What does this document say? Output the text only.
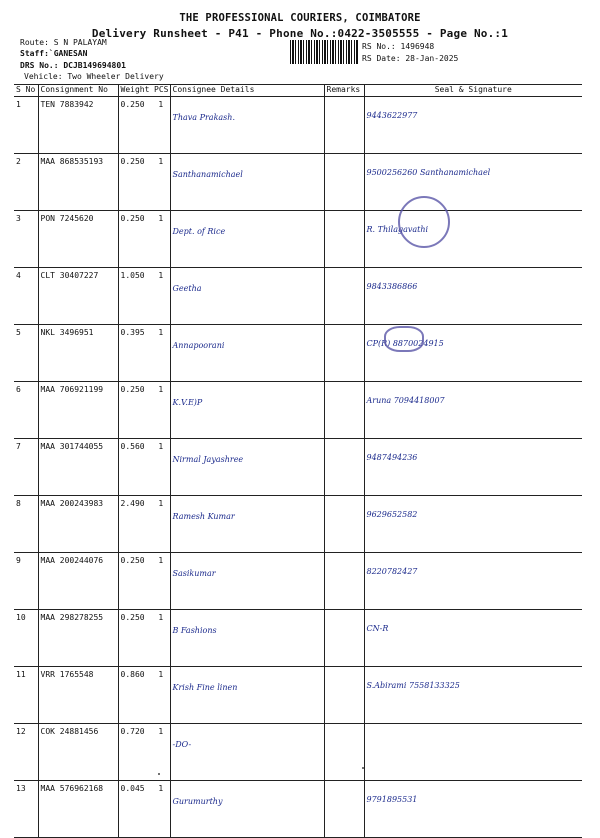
THE PROFESSIONAL COURIERS, COIMBATORE
Delivery Runsheet - P41 - Phone No.:0422-3505555 - Page No.:1
Route: S N PALAYAM
Staff:`GANESAN
DRS No.: DCJB149694801
Vehicle: Two Wheeler Delivery
RS No.: 1496948
RS Date: 28-Jan-2025
S No	Consignment No	Weight	PCS	Consignee Details	Remarks	Seal & Signature
1	TEN 7883942	0.250	1	Thava Prakash.		9443622977
2	MAA 868535193	0.250	1	Santhanamichael		9500256260 Santhanamichael
3	PON 7245620	0.250	1	Dept. of Rice		R. Thilagavathi
4	CLT 30407227	1.050	1	Geetha		9843386866
5	NKL 3496951	0.395	1	Annapoorani		CP(R) 8870024915
6	MAA 706921199	0.250	1	K.V.E)P		Aruna 7094418007
7	MAA 301744055	0.560	1	Nirmal Jayashree		9487494236
8	MAA 200243983	2.490	1	Ramesh Kumar		9629652582
9	MAA 200244076	0.250	1	Sasikumar		8220782427
10	MAA 298278255	0.250	1	B Fashions		CN-R
11	VRR 1765548	0.860	1	Krish Fine linen		S.Abirami 7558133325
12	COK 24881456	0.720	1	-DO-		
13	MAA 576962168	0.045	1	Gurumurthy		9791895531
